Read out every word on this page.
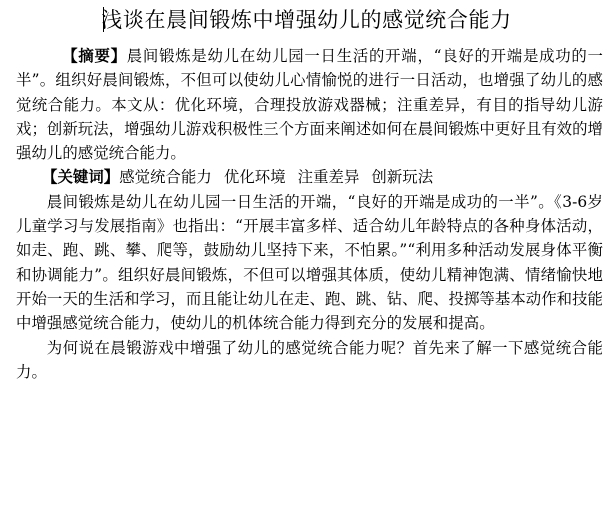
浅谈在晨间锻炼中增强幼儿的感觉统合能力

【摘要】晨间锻炼是幼儿在幼儿园一日生活的开端，“良好的开端是成功的一半”。组织好晨间锻炼，不但可以使幼儿心情愉悦的进行一日活动，也增强了幼儿的感觉统合能力。本文从：优化环境，合理投放游戏器械；注重差异，有目的指导幼儿游戏；创新玩法，增强幼儿游戏积极性三个方面来阐述如何在晨间锻炼中更好且有效的增强幼儿的感觉统合能力。

【关键词】感觉统合能力 优化环境 注重差异 创新玩法

晨间锻炼是幼儿在幼儿园一日生活的开端，“良好的开端是成功的一半”。《3-6岁儿童学习与发展指南》也指出：“开展丰富多样、适合幼儿年龄特点的各种身体活动，如走、跑、跳、攀、爬等，鼓励幼儿坚持下来，不怕累。”“利用多种活动发展身体平衡和协调能力”。组织好晨间锻炼，不但可以增强其体质，使幼儿精神饱满、情绪愉快地开始一天的生活和学习，而且能让幼儿在走、跑、跳、钻、爬、投掷等基本动作和技能中增强感觉统合能力，使幼儿的机体统合能力得到充分的发展和提高。

为何说在晨锻游戏中增强了幼儿的感觉统合能力呢？首先来了解一下感觉统合能力。
